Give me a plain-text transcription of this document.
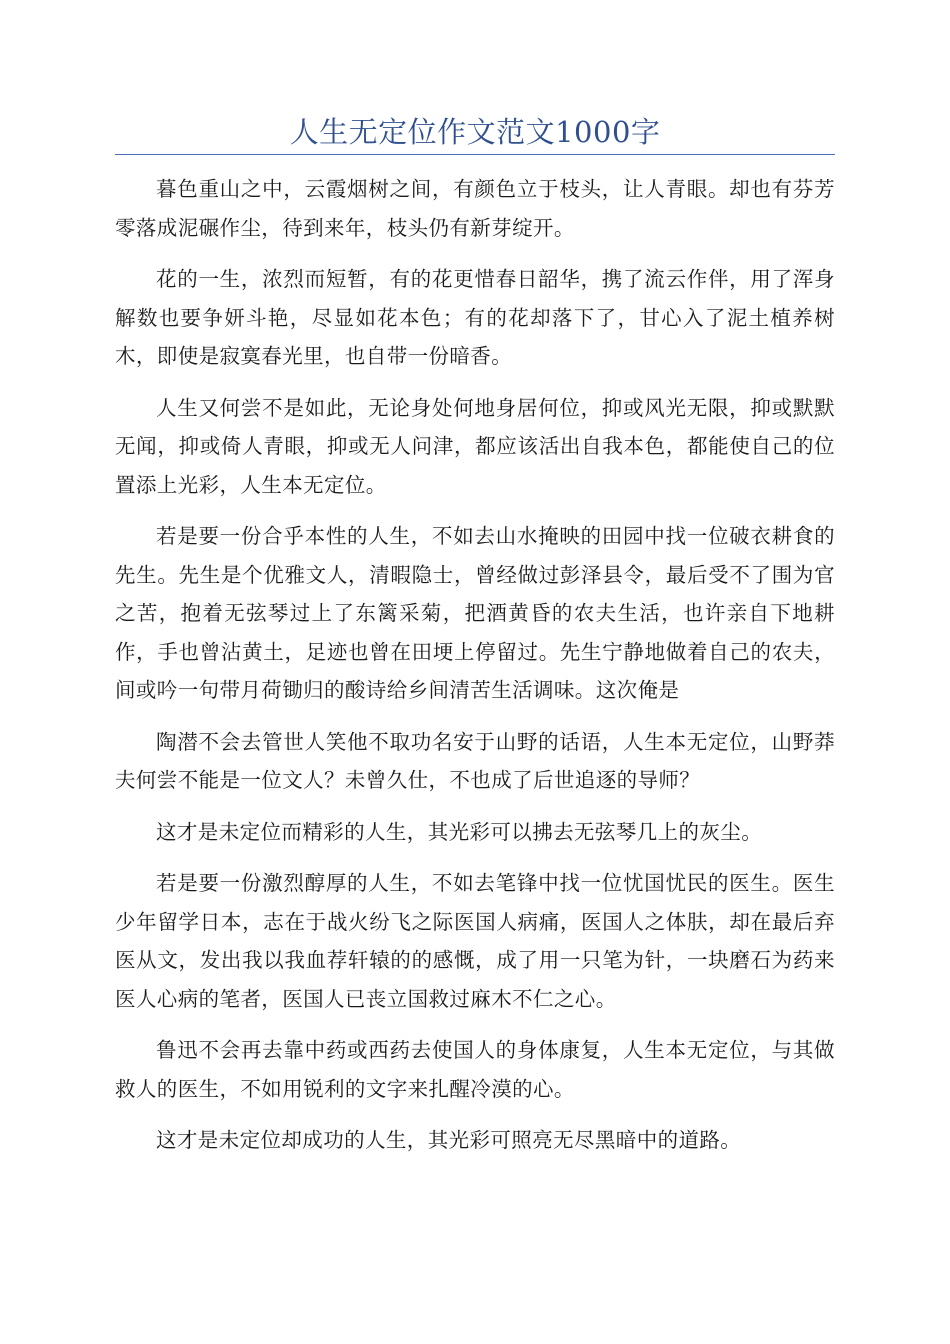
人生无定位作文范文1000字

暮色重山之中，云霞烟树之间，有颜色立于枝头，让人青眼。却也有芬芳零落成泥碾作尘，待到来年，枝头仍有新芽绽开。

花的一生，浓烈而短暂，有的花更惜春日韶华，携了流云作伴，用了浑身解数也要争妍斗艳，尽显如花本色；有的花却落下了，甘心入了泥土植养树木，即使是寂寞春光里，也自带一份暗香。

人生又何尝不是如此，无论身处何地身居何位，抑或风光无限，抑或默默无闻，抑或倚人青眼，抑或无人问津，都应该活出自我本色，都能使自己的位置添上光彩，人生本无定位。

若是要一份合乎本性的人生，不如去山水掩映的田园中找一位破衣耕食的先生。先生是个优雅文人，清暇隐士，曾经做过彭泽县令，最后受不了围为官之苦，抱着无弦琴过上了东篱采菊，把酒黄昏的农夫生活，也许亲自下地耕作，手也曾沾黄土，足迹也曾在田埂上停留过。先生宁静地做着自己的农夫，间或吟一句带月荷锄归的酸诗给乡间清苦生活调味。这次俺是

陶潜不会去管世人笑他不取功名安于山野的话语，人生本无定位，山野莽夫何尝不能是一位文人？未曾久仕，不也成了后世追逐的导师？

这才是未定位而精彩的人生，其光彩可以拂去无弦琴几上的灰尘。

若是要一份激烈醇厚的人生，不如去笔锋中找一位忧国忧民的医生。医生少年留学日本，志在于战火纷飞之际医国人病痛，医国人之体肤，却在最后弃医从文，发出我以我血荐轩辕的的感慨，成了用一只笔为针，一块磨石为药来医人心病的笔者，医国人已丧立国救过麻木不仁之心。

鲁迅不会再去靠中药或西药去使国人的身体康复，人生本无定位，与其做救人的医生，不如用锐利的文字来扎醒冷漠的心。

这才是未定位却成功的人生，其光彩可照亮无尽黑暗中的道路。
